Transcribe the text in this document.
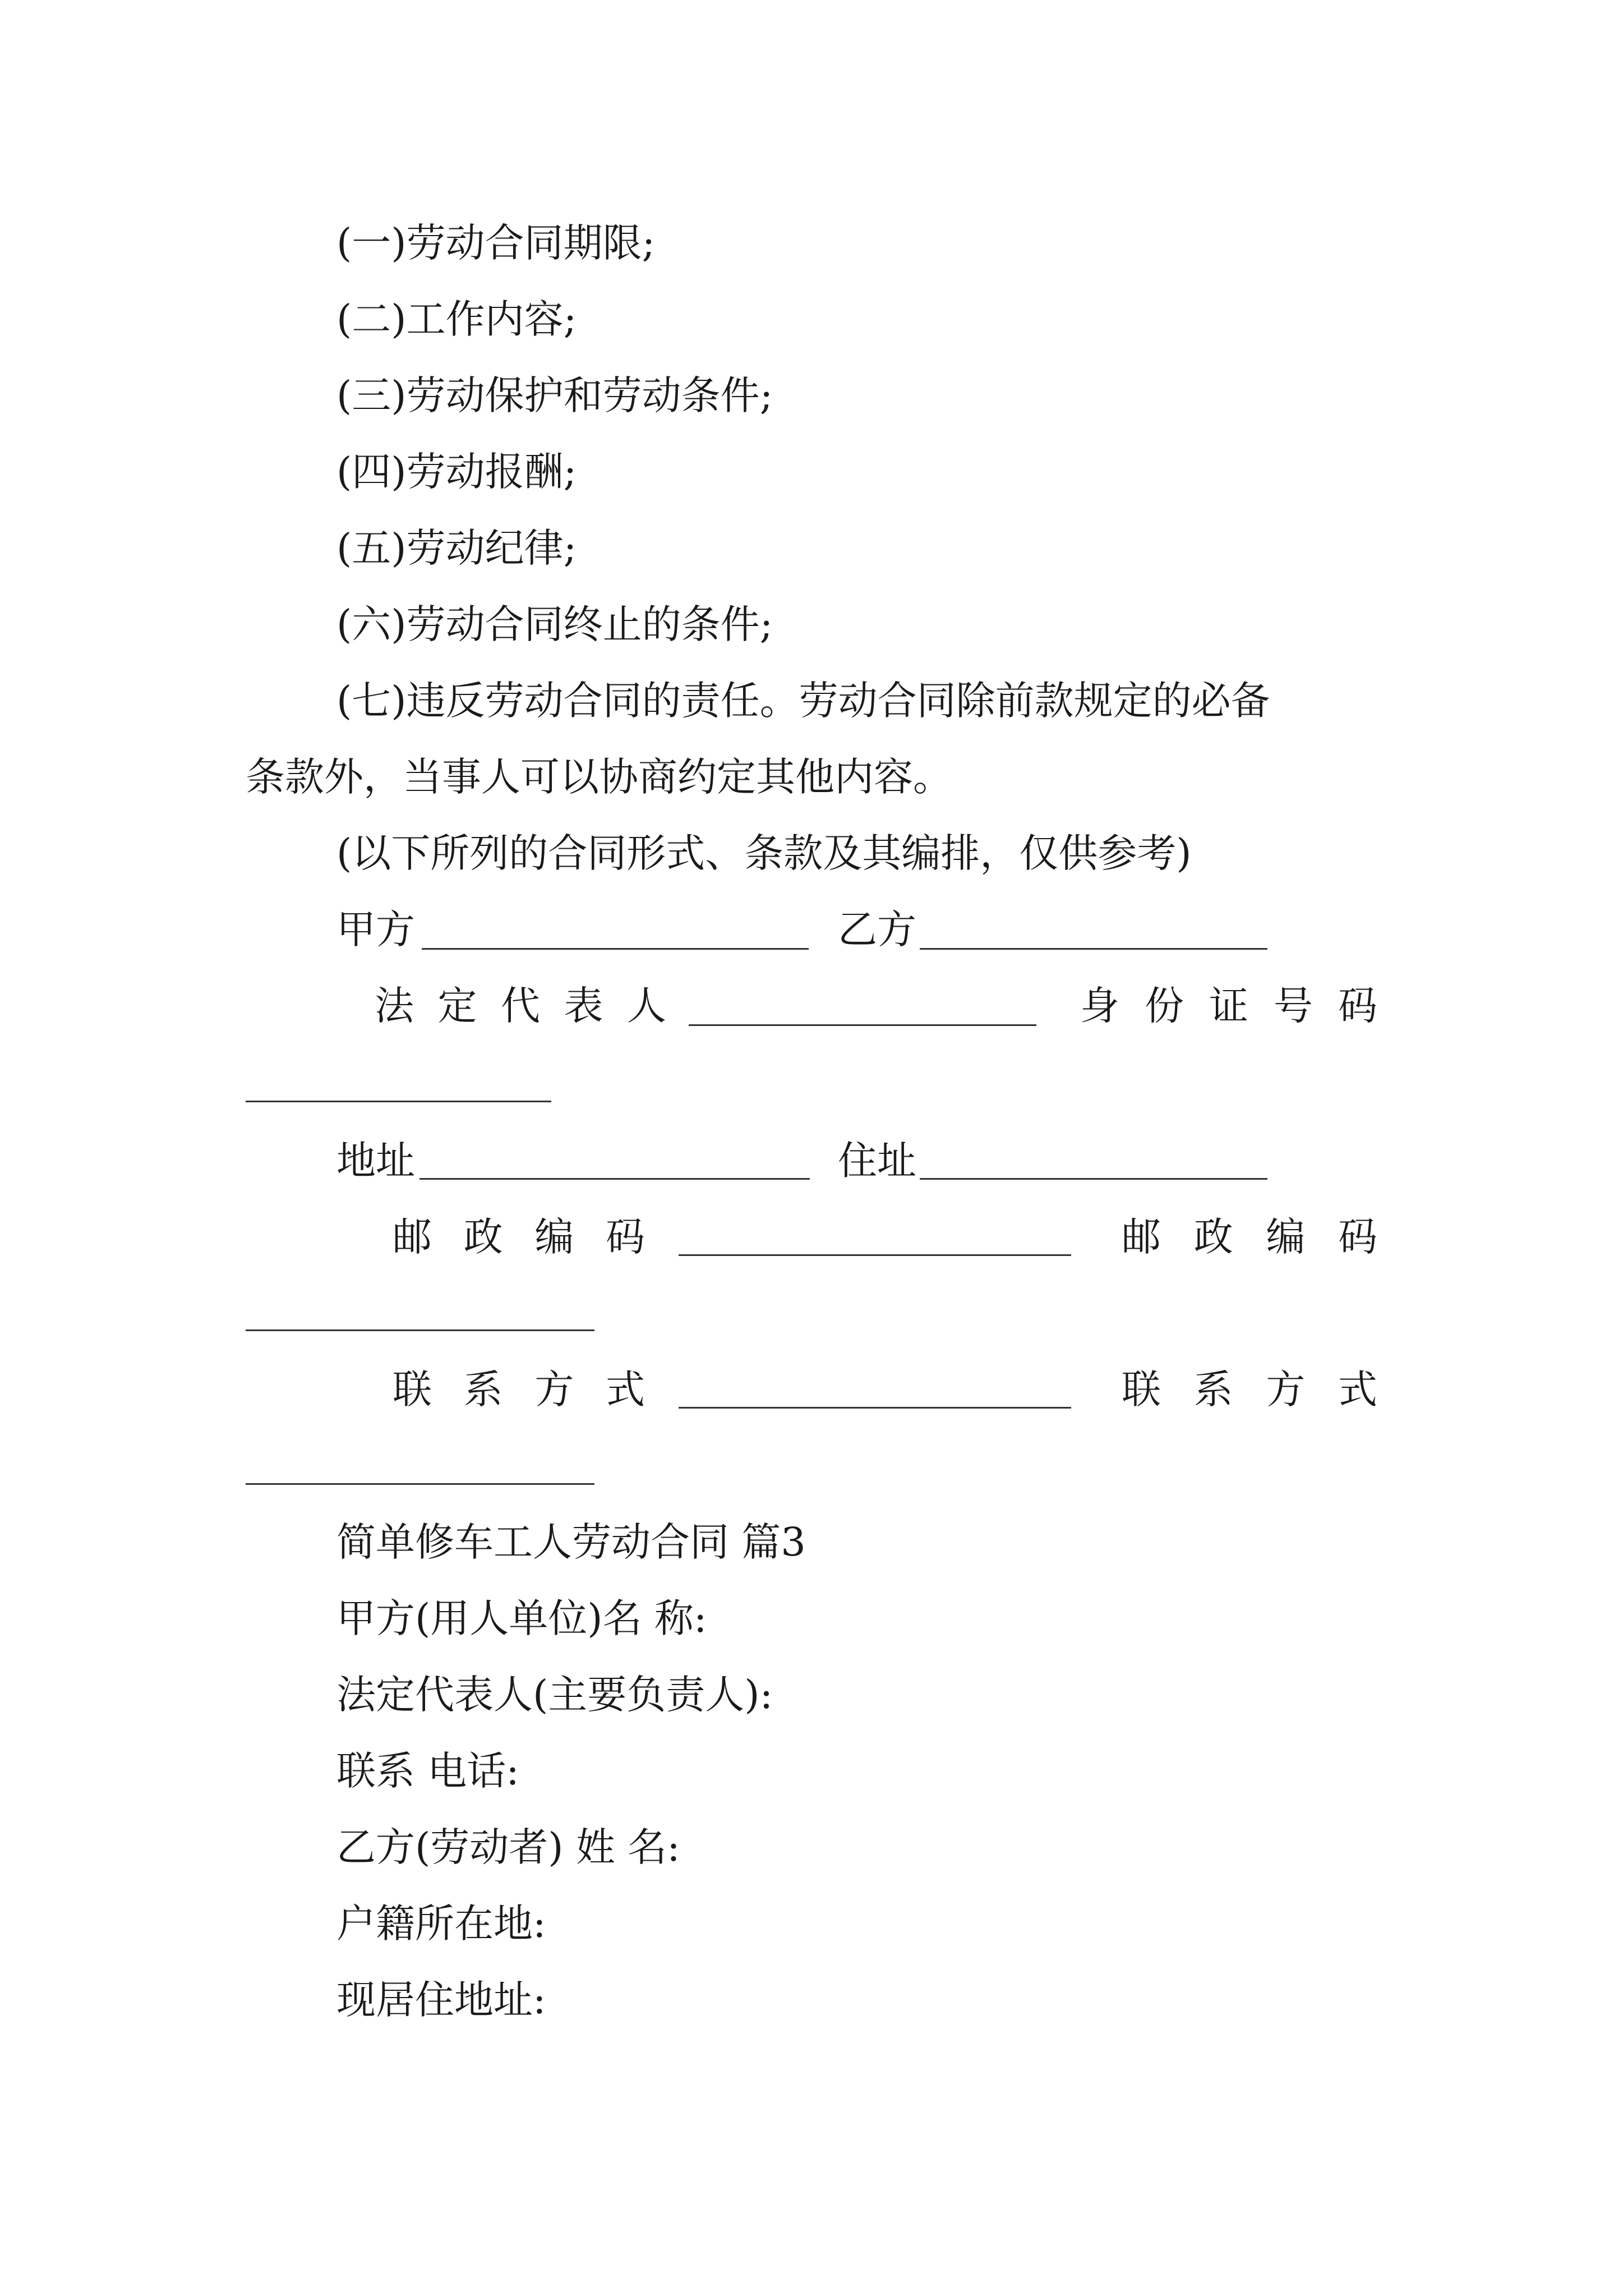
(一)劳动合同期限;
(二)工作内容;
(三)劳动保护和劳动条件;
(四)劳动报酬;
(五)劳动纪律;
(六)劳动合同终止的条件;
(七)违反劳动合同的责任。劳动合同除前款规定的必备
条款外，当事人可以协商约定其他内容。
(以下所列的合同形式、条款及其编排，仅供参考)
甲方	乙方
法 定 代 表 人	身 份 证 号 码
地址	住址
邮 政 编 码	邮 政 编 码
联 系 方 式	联 系 方 式
简单修车工人劳动合同 篇3
甲方(用人单位)名 称:
法定代表人(主要负责人):
联系 电话:
乙方(劳动者) 姓 名:
户籍所在地:
现居住地址:
